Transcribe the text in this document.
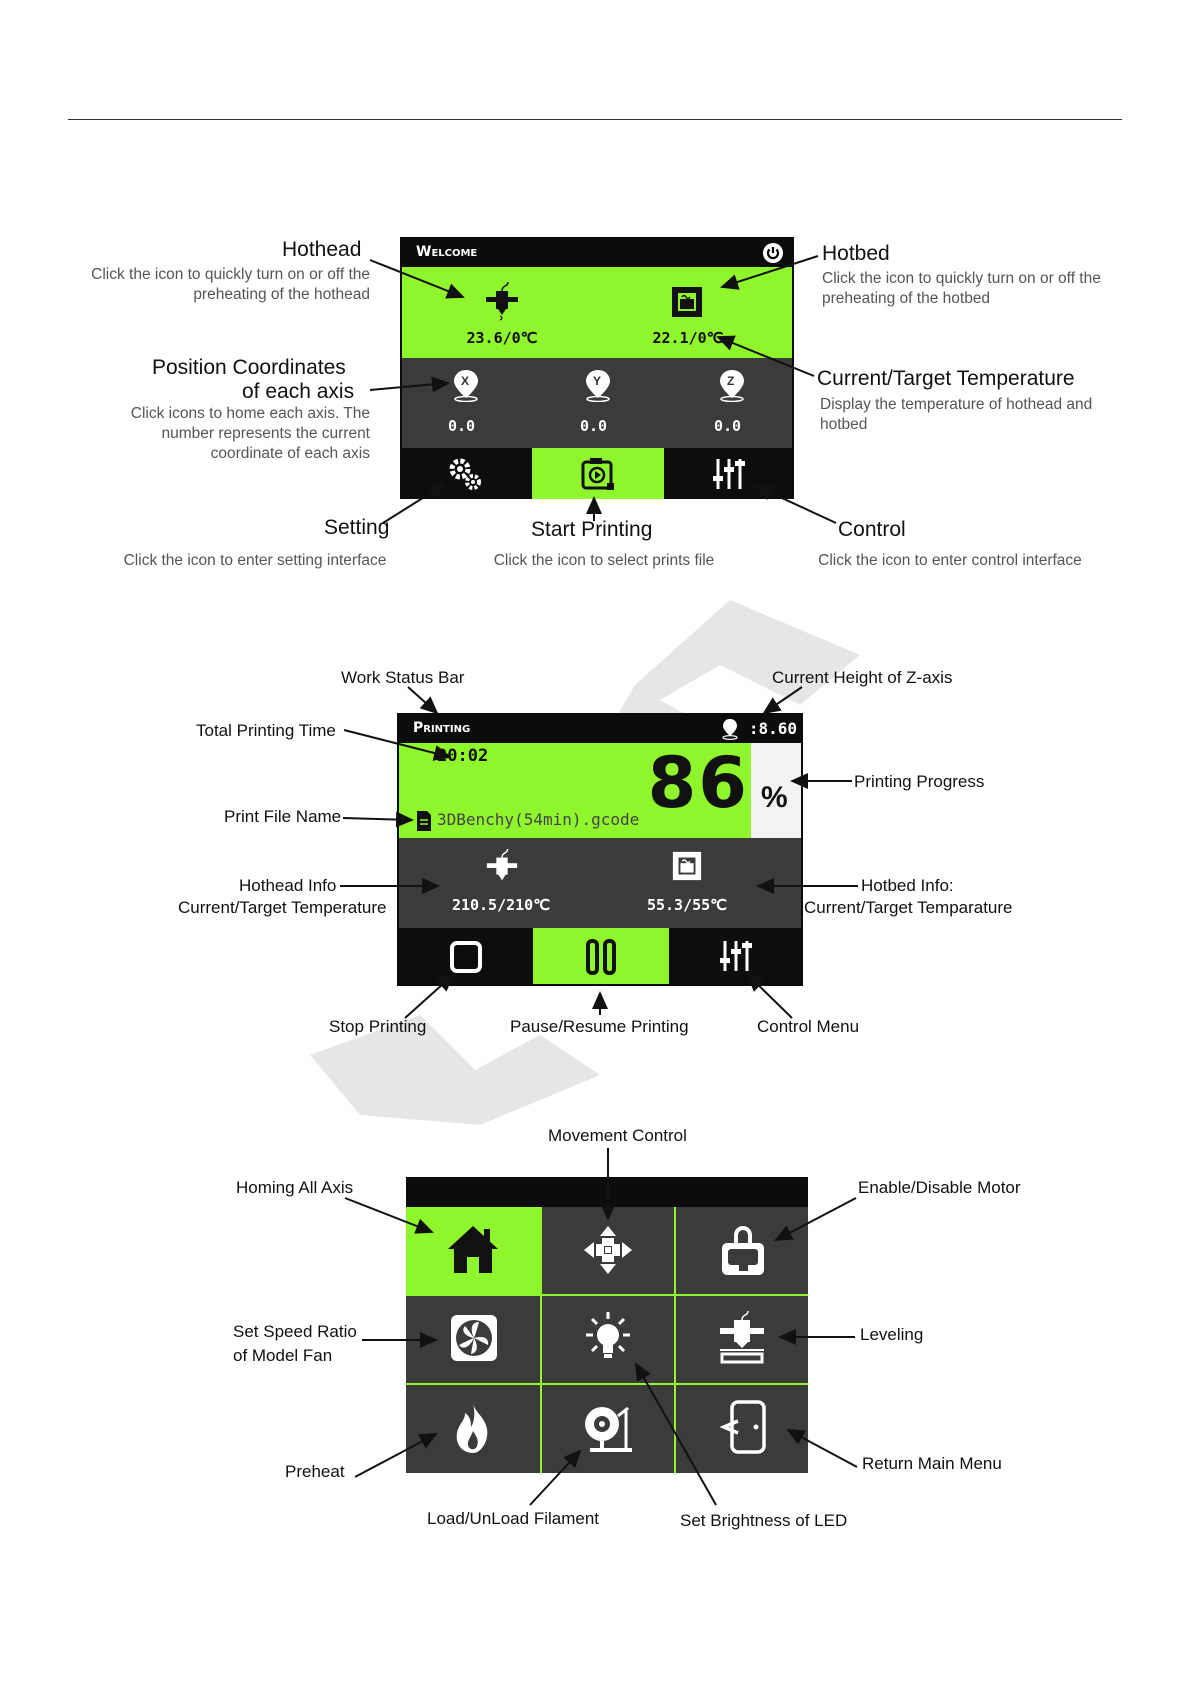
Welcome
23.6/0℃	22.1/0℃
X
0.0
Y
0.0
Z
0.0
Hothead
Click the icon to quickly turn on or off the preheating of the hothead
Hotbed
Click the icon to quickly turn on or off the preheating of the hotbed
Position Coordinates
of each axis
Click icons to home each axis. The number represents the current coordinate of each axis
Current/Target Temperature
Display the temperature of hothead and hotbed
Setting
Click the icon to enter setting interface
Start Printing
Click the icon to select prints file
Control
Click the icon to enter control interface
Printing	:8.60
20:02 86
3DBenchy(54min).gcode
%
210.5/210℃	55.3/55℃
Work Status Bar	Current Height of Z-axis
Total Printing Time
Printing Progress
Print File Name
Hothead Info
Current/Target Temperature
Hotbed Info:
Current/Target Temparature
Stop Printing	Pause/Resume Printing	Control Menu
Movement Control
Homing All Axis	Enable/Disable Motor
Set Speed Ratio
of Model Fan
Leveling
Preheat
Load/UnLoad Filament	Set Brightness of LED
Return Main Menu
